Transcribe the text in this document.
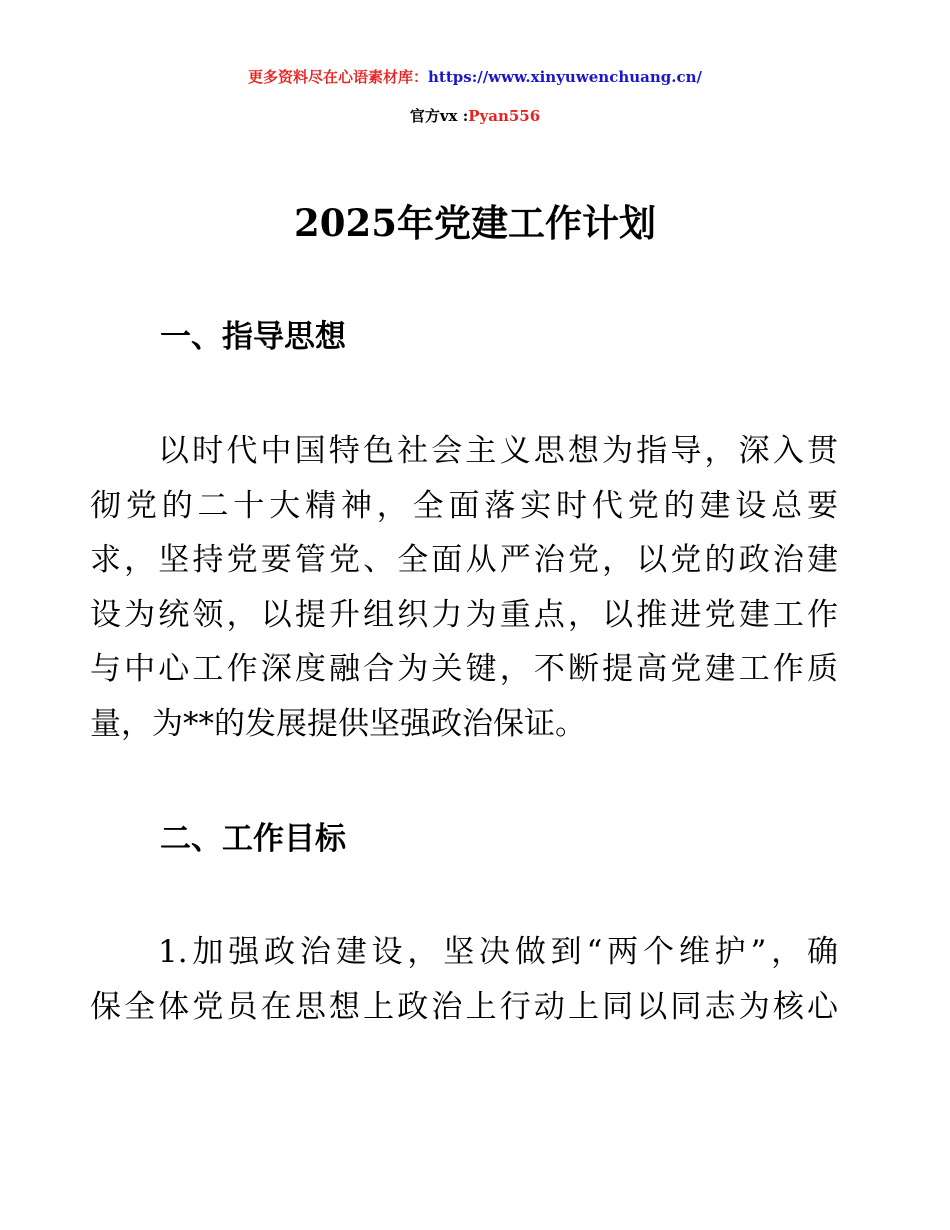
更多资料尽在心语素材库：https://www.xinyuwenchuang.cn/
官方vx :Pyan556
2025年党建工作计划
一、指导思想

以时代中国特色社会主义思想为指导，深入贯
彻党的二十大精神，全面落实时代党的建设总要
求，坚持党要管党、全面从严治党，以党的政治建
设为统领，以提升组织力为重点，以推进党建工作
与中心工作深度融合为关键，不断提高党建工作质
量，为**的发展提供坚强政治保证。

二、工作目标

1.加强政治建设，坚决做到“两个维护”，确
保全体党员在思想上政治上行动上同以同志为核心
